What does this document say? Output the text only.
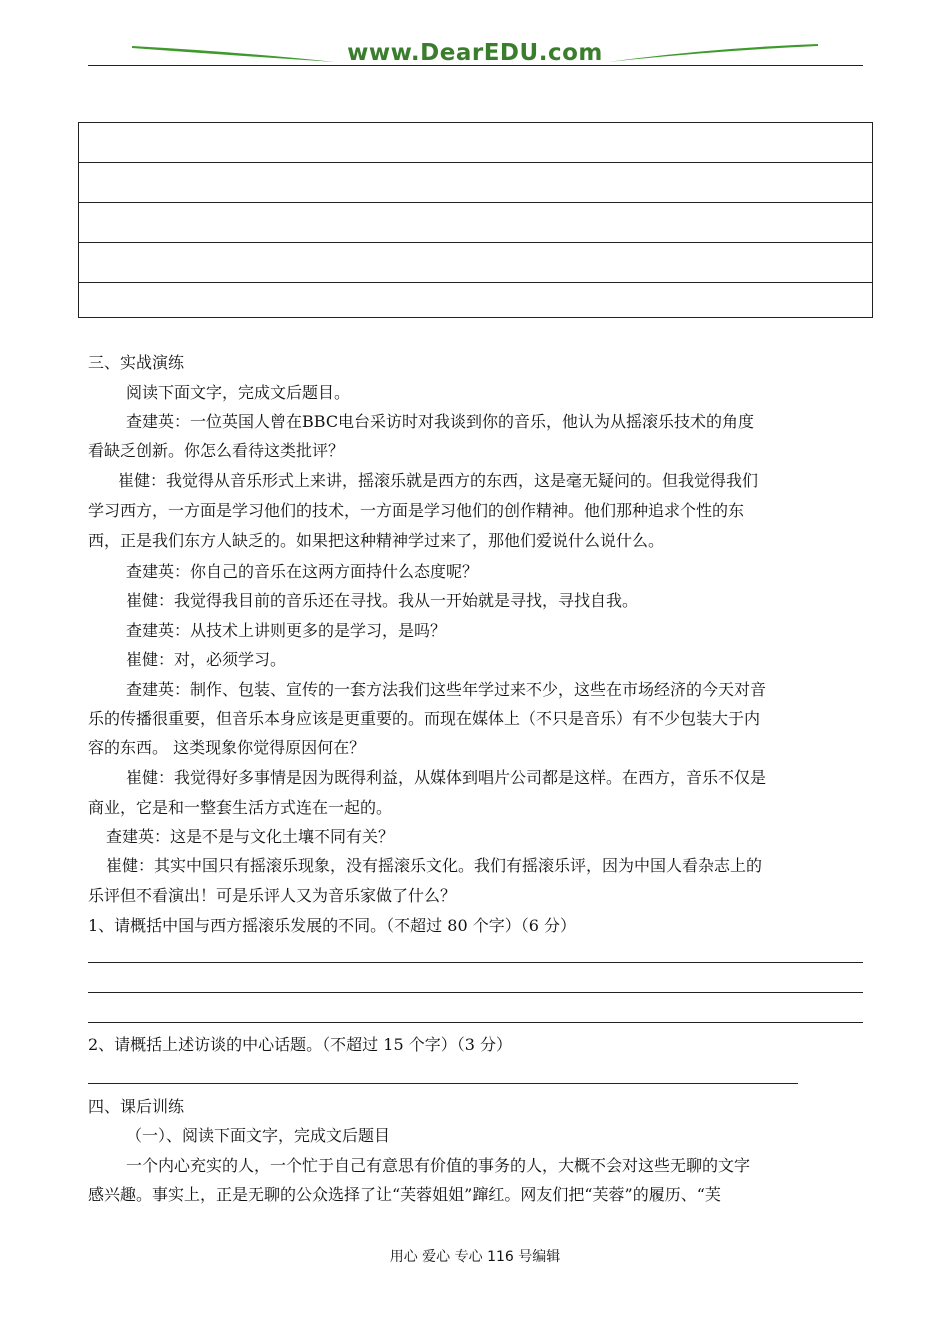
www.DearEDU.com
三、实战演练
阅读下面文字，完成文后题目。
查建英：一位英国人曾在BBC电台采访时对我谈到你的音乐，他认为从摇滚乐技术的角度
看缺乏创新。你怎么看待这类批评？
崔健：我觉得从音乐形式上来讲，摇滚乐就是西方的东西，这是毫无疑问的。但我觉得我们
学习西方，一方面是学习他们的技术，一方面是学习他们的创作精神。他们那种追求个性的东
西，正是我们东方人缺乏的。如果把这种精神学过来了，那他们爱说什么说什么。
查建英：你自己的音乐在这两方面持什么态度呢？
崔健：我觉得我目前的音乐还在寻找。我从一开始就是寻找，寻找自我。
查建英：从技术上讲则更多的是学习，是吗？
崔健：对，必须学习。
查建英：制作、包装、宣传的一套方法我们这些年学过来不少，这些在市场经济的今天对音
乐的传播很重要，但音乐本身应该是更重要的。而现在媒体上（不只是音乐）有不少包装大于内
容的东西。 这类现象你觉得原因何在？
崔健：我觉得好多事情是因为既得利益，从媒体到唱片公司都是这样。在西方，音乐不仅是
商业，它是和一整套生活方式连在一起的。
查建英：这是不是与文化土壤不同有关？
崔健：其实中国只有摇滚乐现象，没有摇滚乐文化。我们有摇滚乐评，因为中国人看杂志上的
乐评但不看演出！可是乐评人又为音乐家做了什么？
1、请概括中国与西方摇滚乐发展的不同。（不超过 80 个字）（6 分）
2、请概括上述访谈的中心话题。（不超过 15 个字）（3 分）
四、课后训练
（一）、阅读下面文字，完成文后题目
一个内心充实的人，一个忙于自己有意思有价值的事务的人，大概不会对这些无聊的文字
感兴趣。事实上，正是无聊的公众选择了让“芙蓉姐姐”蹿红。网友们把“芙蓉”的履历、“芙
用心 爱心 专心 116 号编辑
